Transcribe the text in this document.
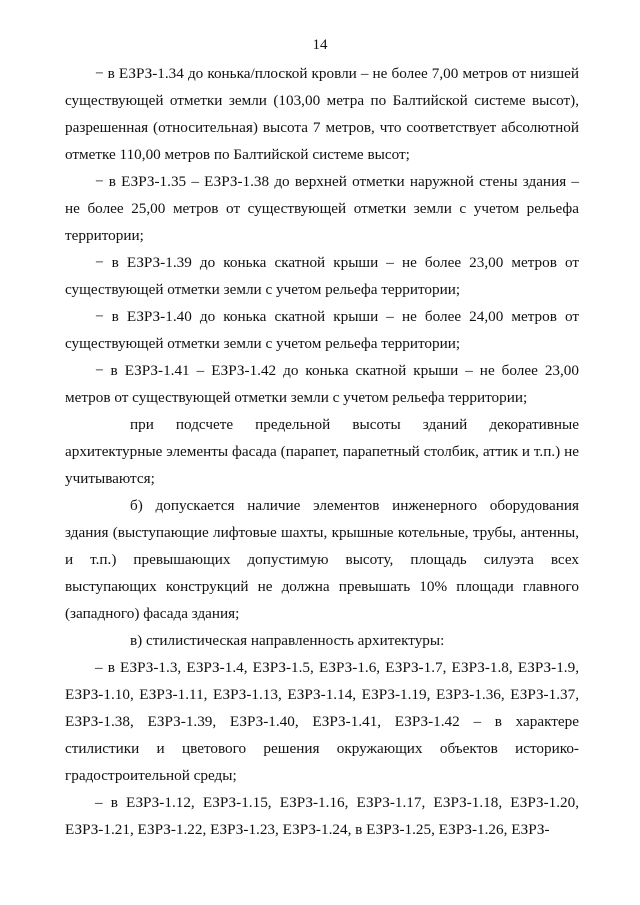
14

− в ЕЗРЗ-1.34 до конька/плоской кровли – не более 7,00 метров от низшей существующей отметки земли (103,00 метра по Балтийской системе высот), разрешенная (относительная) высота 7 метров, что соответствует абсолютной отметке 110,00 метров по Балтийской системе высот;

− в ЕЗРЗ-1.35 – ЕЗРЗ-1.38 до верхней отметки наружной стены здания – не более 25,00 метров от существующей отметки земли с учетом рельефа территории;

− в ЕЗРЗ-1.39 до конька скатной крыши – не более 23,00 метров от существующей отметки земли с учетом рельефа территории;

− в ЕЗРЗ-1.40 до конька скатной крыши – не более 24,00 метров от существующей отметки земли с учетом рельефа территории;

− в ЕЗРЗ-1.41 – ЕЗРЗ-1.42 до конька скатной крыши – не более 23,00 метров от существующей отметки земли с учетом рельефа территории;

при подсчете предельной высоты зданий декоративные архитектурные элементы фасада (парапет, парапетный столбик, аттик и т.п.) не учитываются;

б) допускается наличие элементов инженерного оборудования здания (выступающие лифтовые шахты, крышные котельные, трубы, антенны, и т.п.) превышающих допустимую высоту, площадь силуэта всех выступающих конструкций не должна превышать 10% площади главного (западного) фасада здания;

в) стилистическая направленность архитектуры:

– в ЕЗРЗ-1.3, ЕЗРЗ-1.4, ЕЗРЗ-1.5, ЕЗРЗ-1.6, ЕЗРЗ-1.7, ЕЗРЗ-1.8, ЕЗРЗ-1.9, ЕЗРЗ-1.10, ЕЗРЗ-1.11, ЕЗРЗ-1.13, ЕЗРЗ-1.14, ЕЗРЗ-1.19, ЕЗРЗ-1.36, ЕЗРЗ-1.37, ЕЗРЗ-1.38, ЕЗРЗ-1.39, ЕЗРЗ-1.40, ЕЗРЗ-1.41, ЕЗРЗ-1.42 – в характере стилистики и цветового решения окружающих объектов историко-градостроительной среды;

– в ЕЗРЗ-1.12, ЕЗРЗ-1.15, ЕЗРЗ-1.16, ЕЗРЗ-1.17, ЕЗРЗ-1.18, ЕЗРЗ-1.20, ЕЗРЗ-1.21, ЕЗРЗ-1.22, ЕЗРЗ-1.23, ЕЗРЗ-1.24, в ЕЗРЗ-1.25, ЕЗРЗ-1.26, ЕЗРЗ-
